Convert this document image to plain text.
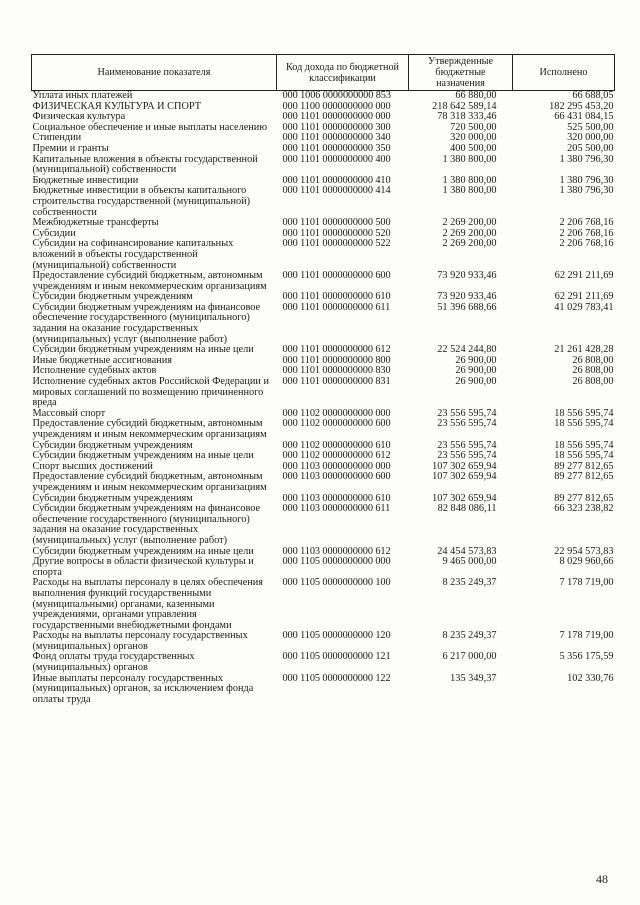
Наименование показателя	Код дохода по бюджетной классификации	Утвержденные бюджетные назначения	Исполнено
Уплата иных платежей	000 1006 0000000000 853	66 880,00	66 688,05
ФИЗИЧЕСКАЯ КУЛЬТУРА И СПОРТ	000 1100 0000000000 000	218 642 589,14	182 295 453,20
Физическая культура	000 1101 0000000000 000	78 318 333,46	66 431 084,15
Социальное обеспечение и иные выплаты населению	000 1101 0000000000 300	720 500,00	525 500,00
Стипендии	000 1101 0000000000 340	320 000,00	320 000,00
Премии и гранты	000 1101 0000000000 350	400 500,00	205 500,00
Капитальные вложения в объекты государственной (муниципальной) собственности	000 1101 0000000000 400	1 380 800,00	1 380 796,30
Бюджетные инвестиции	000 1101 0000000000 410	1 380 800,00	1 380 796,30
Бюджетные инвестиции в объекты капитального строительства государственной (муниципальной) собственности	000 1101 0000000000 414	1 380 800,00	1 380 796,30
Межбюджетные трансферты	000 1101 0000000000 500	2 269 200,00	2 206 768,16
Субсидии	000 1101 0000000000 520	2 269 200,00	2 206 768,16
Субсидии на софинансирование капитальных вложений в объекты государственной (муниципальной) собственности	000 1101 0000000000 522	2 269 200,00	2 206 768,16
Предоставление субсидий бюджетным, автономным учреждениям и иным некоммерческим организациям	000 1101 0000000000 600	73 920 933,46	62 291 211,69
Субсидии бюджетным учреждениям	000 1101 0000000000 610	73 920 933,46	62 291 211,69
Субсидии бюджетным учреждениям на финансовое обеспечение государственного (муниципального) задания на оказание государственных (муниципальных) услуг (выполнение работ)	000 1101 0000000000 611	51 396 688,66	41 029 783,41
Субсидии бюджетным учреждениям на иные цели	000 1101 0000000000 612	22 524 244,80	21 261 428,28
Иные бюджетные ассигнования	000 1101 0000000000 800	26 900,00	26 808,00
Исполнение судебных актов	000 1101 0000000000 830	26 900,00	26 808,00
Исполнение судебных актов Российской Федерации и мировых соглашений по возмещению причиненного вреда	000 1101 0000000000 831	26 900,00	26 808,00
Массовый спорт	000 1102 0000000000 000	23 556 595,74	18 556 595,74
Предоставление субсидий бюджетным, автономным учреждениям и иным некоммерческим организациям	000 1102 0000000000 600	23 556 595,74	18 556 595,74
Субсидии бюджетным учреждениям	000 1102 0000000000 610	23 556 595,74	18 556 595,74
Субсидии бюджетным учреждениям на иные цели	000 1102 0000000000 612	23 556 595,74	18 556 595,74
Спорт высших достижений	000 1103 0000000000 000	107 302 659,94	89 277 812,65
Предоставление субсидий бюджетным, автономным учреждениям и иным некоммерческим организациям	000 1103 0000000000 600	107 302 659,94	89 277 812,65
Субсидии бюджетным учреждениям	000 1103 0000000000 610	107 302 659,94	89 277 812,65
Субсидии бюджетным учреждениям на финансовое обеспечение государственного (муниципального) задания на оказание государственных (муниципальных) услуг (выполнение работ)	000 1103 0000000000 611	82 848 086,11	66 323 238,82
Субсидии бюджетным учреждениям на иные цели	000 1103 0000000000 612	24 454 573,83	22 954 573,83
Другие вопросы в области физической культуры и спорта	000 1105 0000000000 000	9 465 000,00	8 029 960,66
Расходы на выплаты персоналу в целях обеспечения выполнения функций государственными (муниципальными) органами, казенными учреждениями, органами управления государственными внебюджетными фондами	000 1105 0000000000 100	8 235 249,37	7 178 719,00
Расходы на выплаты персоналу государственных (муниципальных) органов	000 1105 0000000000 120	8 235 249,37	7 178 719,00
Фонд оплаты труда государственных (муниципальных) органов	000 1105 0000000000 121	6 217 000,00	5 356 175,59
Иные выплаты персоналу государственных (муниципальных) органов, за исключением фонда оплаты труда	000 1105 0000000000 122	135 349,37	102 330,76
48
